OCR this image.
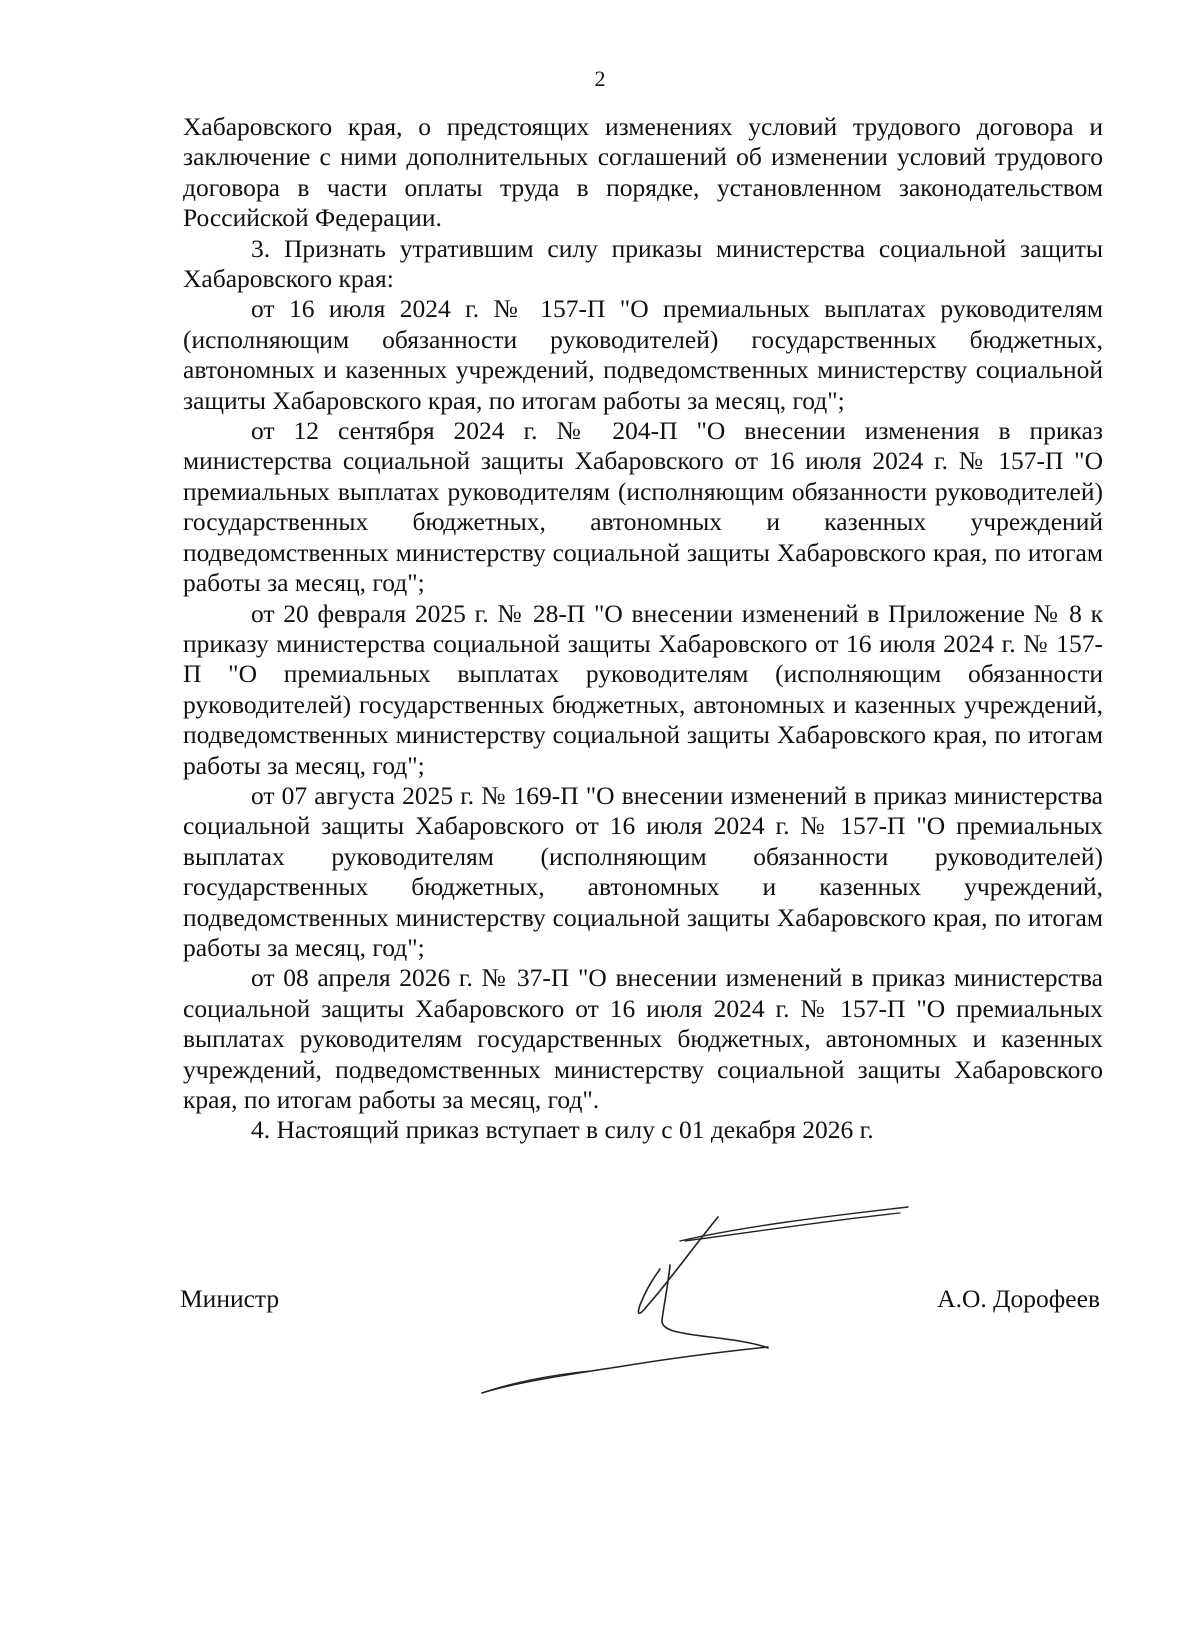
2

Хабаровского края, о предстоящих изменениях условий трудового договора и заключение с ними дополнительных соглашений об изменении условий трудового договора в части оплаты труда в порядке, установленном законодательством Российской Федерации.

3. Признать утратившим силу приказы министерства социальной защиты Хабаровского края:

от 16 июля 2024 г. № 157-П "О премиальных выплатах руководителям (исполняющим обязанности руководителей) государственных бюджетных, автономных и казенных учреждений, подведомственных министерству социальной защиты Хабаровского края, по итогам работы за месяц, год";

от 12 сентября 2024 г. № 204-П "О внесении изменения в приказ министерства социальной защиты Хабаровского от 16 июля 2024 г. № 157-П "О премиальных выплатах руководителям (исполняющим обязанности руководителей) государственных бюджетных, автономных и казенных учреждений подведомственных министерству социальной защиты Хабаровского края, по итогам работы за месяц, год";

от 20 февраля 2025 г. № 28-П "О внесении изменений в Приложение № 8 к приказу министерства социальной защиты Хабаровского от 16 июля 2024 г. № 157-П "О премиальных выплатах руководителям (исполняющим обязанности руководителей) государственных бюджетных, автономных и казенных учреждений, подведомственных министерству социальной защиты Хабаровского края, по итогам работы за месяц, год";

от 07 августа 2025 г. № 169-П "О внесении изменений в приказ министерства социальной защиты Хабаровского от 16 июля 2024 г. № 157-П "О премиальных выплатах руководителям (исполняющим обязанности руководителей) государственных бюджетных, автономных и казенных учреждений, подведомственных министерству социальной защиты Хабаровского края, по итогам работы за месяц, год";

от 08 апреля 2026 г. № 37-П "О внесении изменений в приказ министерства социальной защиты Хабаровского от 16 июля 2024 г. № 157-П "О премиальных выплатах руководителям государственных бюджетных, автономных и казенных учреждений, подведомственных министерству социальной защиты Хабаровского края, по итогам работы за месяц, год".

4. Настоящий приказ вступает в силу с 01 декабря 2026 г.

Министр	А.О. Дорофеев
